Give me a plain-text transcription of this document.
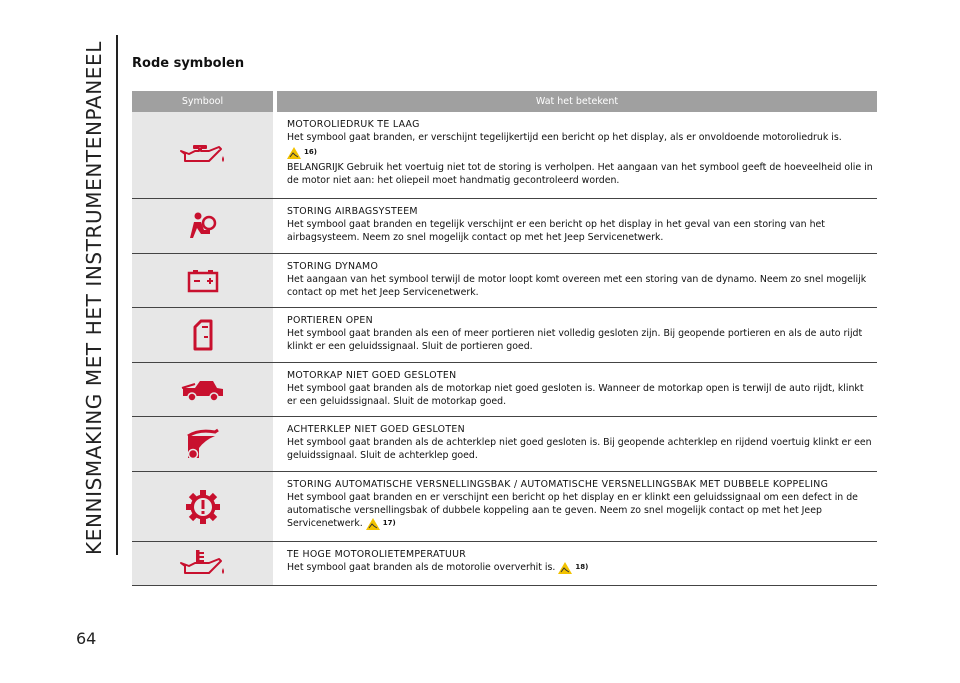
KENNISMAKING MET HET INSTRUMENTENPANEEL
64
Rode symbolen
Symbool	Wat het betekent
MOTOROLIEDRUK TE LAAG
Het symbool gaat branden, er verschijnt tegelijkertijd een bericht op het display, als er onvoldoende motoroliedruk is.
16)
BELANGRIJK Gebruik het voertuig niet tot de storing is verholpen. Het aangaan van het symbool geeft de hoeveelheid olie in de motor niet aan: het oliepeil moet handmatig gecontroleerd worden.
STORING AIRBAGSYSTEEM
Het symbool gaat branden en tegelijk verschijnt er een bericht op het display in het geval van een storing van het airbagsysteem. Neem zo snel mogelijk contact op met het Jeep Servicenetwerk.
STORING DYNAMO
Het aangaan van het symbool terwijl de motor loopt komt overeen met een storing van de dynamo. Neem zo snel mogelijk contact op met het Jeep Servicenetwerk.
PORTIEREN OPEN
Het symbool gaat branden als een of meer portieren niet volledig gesloten zijn. Bij geopende portieren en als de auto rijdt klinkt er een geluidssignaal. Sluit de portieren goed.
MOTORKAP NIET GOED GESLOTEN
Het symbool gaat branden als de motorkap niet goed gesloten is. Wanneer de motorkap open is terwijl de auto rijdt, klinkt er een geluidssignaal. Sluit de motorkap goed.
ACHTERKLEP NIET GOED GESLOTEN
Het symbool gaat branden als de achterklep niet goed gesloten is. Bij geopende achterklep en rijdend voertuig klinkt er een geluidssignaal. Sluit de achterklep goed.
STORING AUTOMATISCHE VERSNELLINGSBAK / AUTOMATISCHE VERSNELLINGSBAK MET DUBBELE KOPPELING
Het symbool gaat branden en er verschijnt een bericht op het display en er klinkt een geluidssignaal om een defect in de automatische versnellingsbak of dubbele koppeling aan te geven. Neem zo snel mogelijk contact op met het Jeep Servicenetwerk.	17)
TE HOGE MOTOROLIETEMPERATUUR
Het symbool gaat branden als de motorolie oververhit is.	18)
